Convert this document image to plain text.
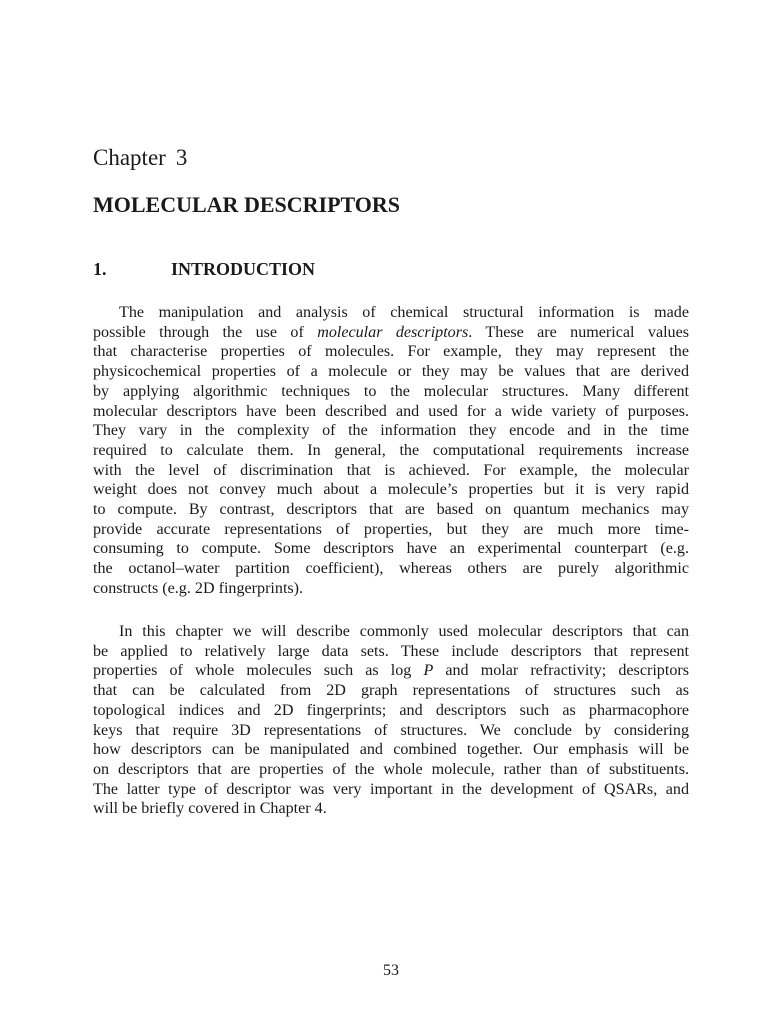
Chapter 3
MOLECULAR DESCRIPTORS
1.	INTRODUCTION

The manipulation and analysis of chemical structural information is made
possible through the use of molecular descriptors. These are numerical values
that characterise properties of molecules. For example, they may represent the
physicochemical properties of a molecule or they may be values that are derived
by applying algorithmic techniques to the molecular structures. Many different
molecular descriptors have been described and used for a wide variety of purposes.
They vary in the complexity of the information they encode and in the time
required to calculate them. In general, the computational requirements increase
with the level of discrimination that is achieved. For example, the molecular
weight does not convey much about a molecule’s properties but it is very rapid
to compute. By contrast, descriptors that are based on quantum mechanics may
provide accurate representations of properties, but they are much more time-
consuming to compute. Some descriptors have an experimental counterpart (e.g.
the octanol–water partition coefficient), whereas others are purely algorithmic
constructs (e.g. 2D fingerprints).

In this chapter we will describe commonly used molecular descriptors that can
be applied to relatively large data sets. These include descriptors that represent
properties of whole molecules such as log P and molar refractivity; descriptors
that can be calculated from 2D graph representations of structures such as
topological indices and 2D fingerprints; and descriptors such as pharmacophore
keys that require 3D representations of structures. We conclude by considering
how descriptors can be manipulated and combined together. Our emphasis will be
on descriptors that are properties of the whole molecule, rather than of substituents.
The latter type of descriptor was very important in the development of QSARs, and
will be briefly covered in Chapter 4.

53
